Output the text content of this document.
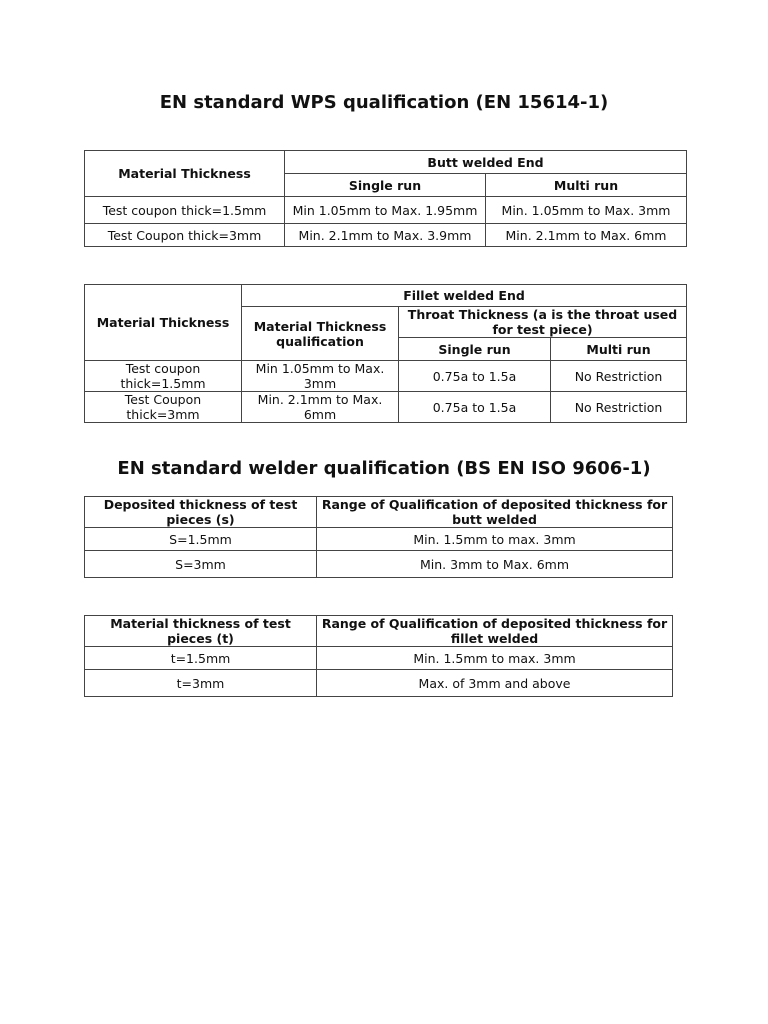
EN standard WPS qualification (EN 15614-1)
Material Thickness	Butt welded End	
	Single run	Multi run
Test coupon thick=1.5mm	Min 1.05mm to Max. 1.95mm	Min. 1.05mm to Max. 3mm
Test Coupon thick=3mm	Min. 2.1mm to Max. 3.9mm	Min. 2.1mm to Max. 6mm
Material Thickness	Fillet welded End		
	Material Thickness qualification	Throat Thickness (a is the throat used for test piece)	
		Single run	Multi run
Test coupon thick=1.5mm	Min 1.05mm to Max. 3mm	0.75a to 1.5a	No Restriction
Test Coupon thick=3mm	Min. 2.1mm to Max. 6mm	0.75a to 1.5a	No Restriction
EN standard welder qualification (BS EN ISO 9606-1)
Deposited thickness of test pieces (s)	Range of Qualification of deposited thickness for butt welded
S=1.5mm	Min. 1.5mm to max. 3mm
S=3mm	Min. 3mm to Max. 6mm
Material thickness of test pieces (t)	Range of Qualification of deposited thickness for fillet welded
t=1.5mm	Min. 1.5mm to max. 3mm
t=3mm	Max. of 3mm and above
